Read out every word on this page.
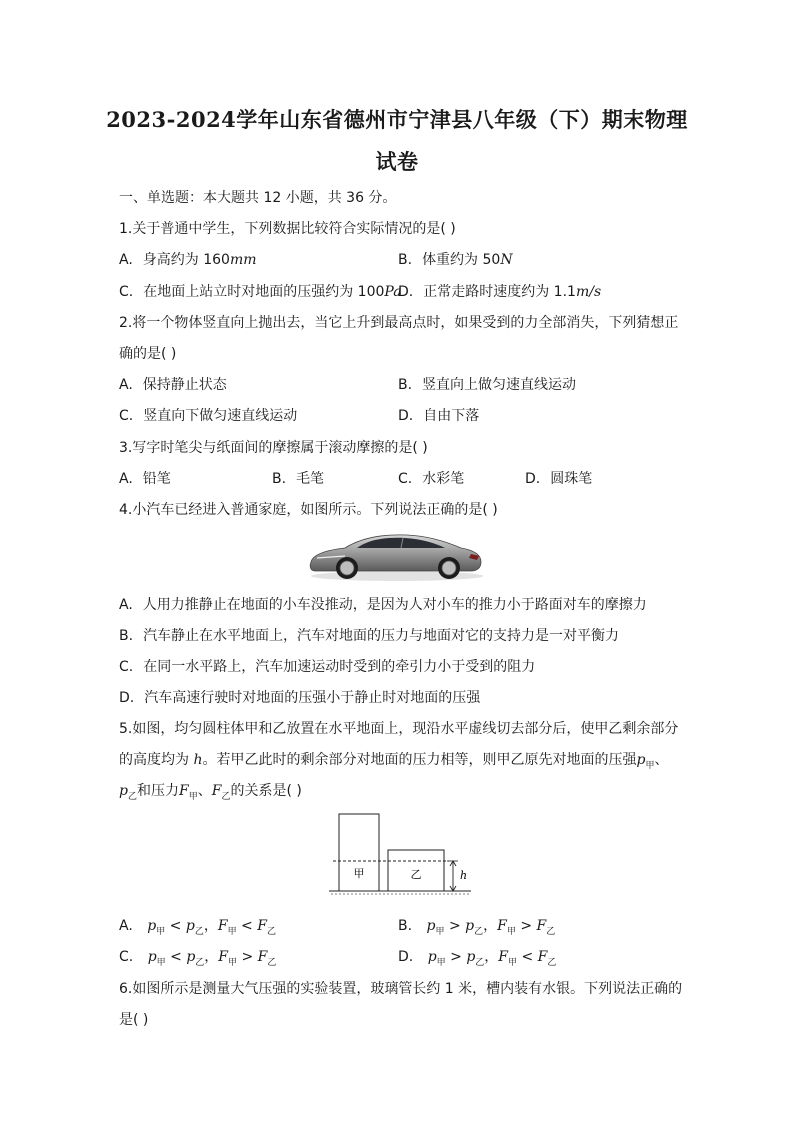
2023-2024学年山东省德州市宁津县八年级（下）期末物理
试卷
一、单选题：本大题共 12 小题，共 36 分。
1.关于普通中学生，下列数据比较符合实际情况的是( )
A. 身高约为 160mm	B. 体重约为 50N
C. 在地面上站立时对地面的压强约为 100Pa
D. 正常走路时速度约为 1.1m/s
2.将一个物体竖直向上抛出去，当它上升到最高点时，如果受到的力全部消失，下列猜想正
确的是( )
A. 保持静止状态	B. 竖直向上做匀速直线运动
C. 竖直向下做匀速直线运动	D. 自由下落
3.写字时笔尖与纸面间的摩擦属于滚动摩擦的是( )
A. 铅笔	B. 毛笔	C. 水彩笔	D. 圆珠笔
4.小汽车已经进入普通家庭，如图所示。下列说法正确的是( )
A. 人用力推静止在地面的小车没推动，是因为人对小车的推力小于路面对车的摩擦力
B. 汽车静止在水平地面上，汽车对地面的压力与地面对它的支持力是一对平衡力
C. 在同一水平路上，汽车加速运动时受到的牵引力小于受到的阻力
D. 汽车高速行驶时对地面的压强小于静止时对地面的压强
5.如图，均匀圆柱体甲和乙放置在水平地面上，现沿水平虚线切去部分后，使甲乙剩余部分
的高度均为 h。若甲乙此时的剩余部分对地面的压力相等，则甲乙原先对地面的压强$p_甲$、
$p_乙$和压力$F_甲$、$F_乙$的关系是( )
甲	乙	h
A. $p_甲 < p_乙$，$F_甲 < F_乙$	B. $p_甲 > p_乙$，$F_甲 > F_乙$
C. $p_甲 < p_乙$，$F_甲 > F_乙$	D. $p_甲 > p_乙$，$F_甲 < F_乙$
6.如图所示是测量大气压强的实验装置，玻璃管长约 1 米，槽内装有水银。下列说法正确的
是( )
